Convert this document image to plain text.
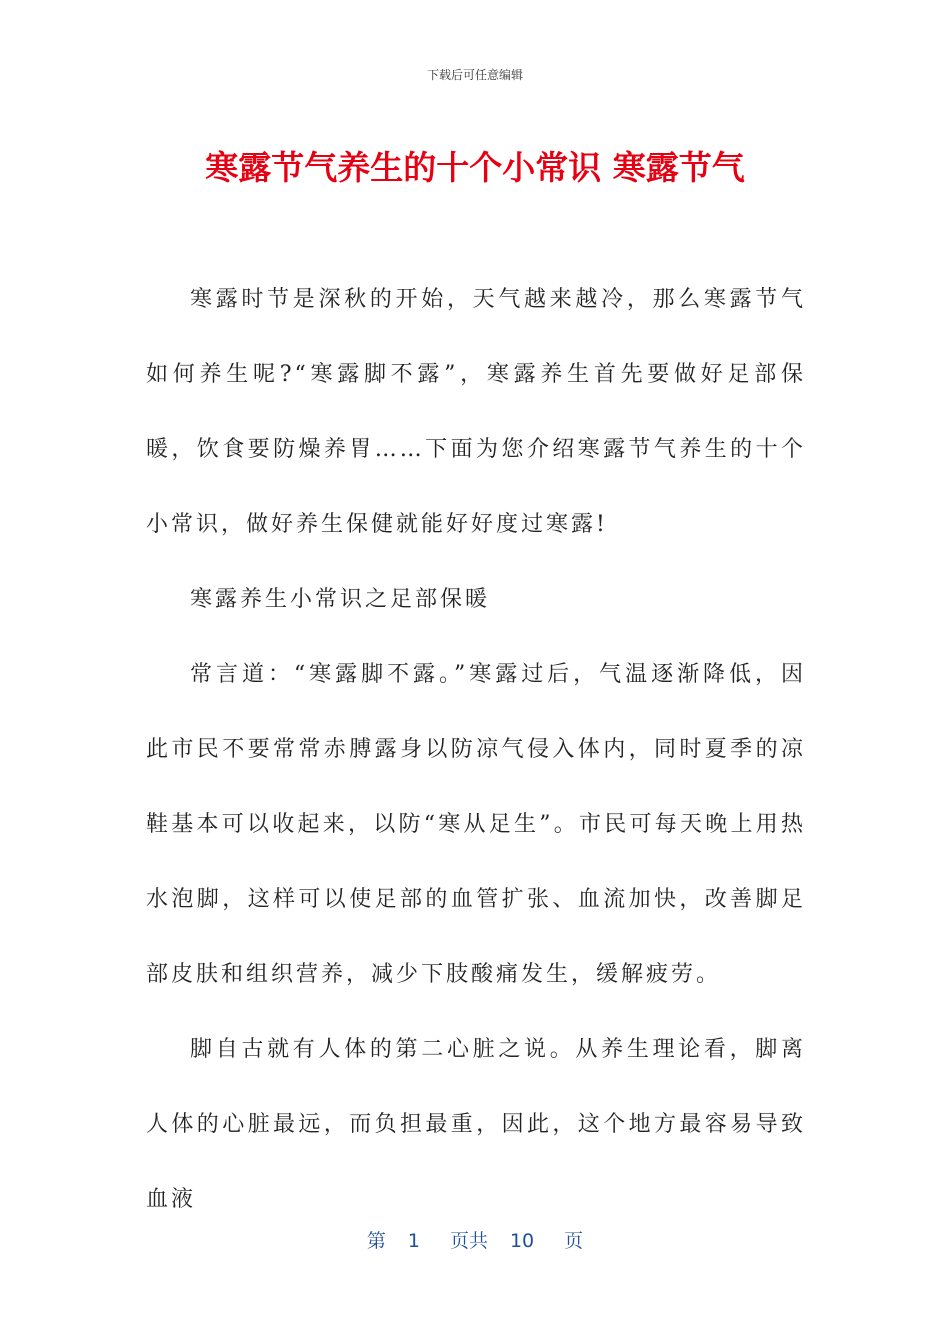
下载后可任意编辑
寒露节气养生的十个小常识 寒露节气

寒露时节是深秋的开始，天气越来越冷，那么寒露节气如何养生呢?“寒露脚不露”，寒露养生首先要做好足部保暖，饮食要防燥养胃……下面为您介绍寒露节气养生的十个小常识，做好养生保健就能好好度过寒露!

寒露养生小常识之足部保暖

常言道：“寒露脚不露。”寒露过后，气温逐渐降低，因此市民不要常常赤膊露身以防凉气侵入体内，同时夏季的凉鞋基本可以收起来，以防“寒从足生”。市民可每天晚上用热水泡脚，这样可以使足部的血管扩张、血流加快，改善脚足部皮肤和组织营养，减少下肢酸痛发生，缓解疲劳。

脚自古就有人体的第二心脏之说。从养生理论看，脚离人体的心脏最远，而负担最重，因此，这个地方最容易导致血液

第 1 页共 10 页
